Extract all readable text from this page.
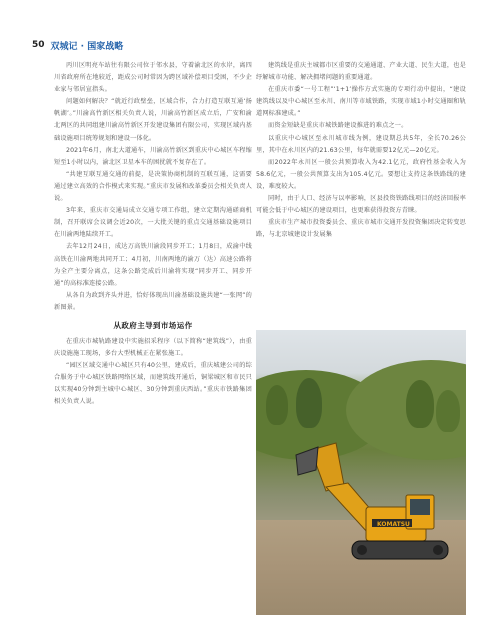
50 双城记 · 国家战略

丙川区明亮车站往有限公司位于邻水县，守着渝北区的水岸，离四川省政府所在地较近，距成公司时常因为跨区域补偿项目受困，不少企业家与邻居宣指头。

问题如何解决？“就近行政壁垒，区域合作，合力打造互联互通‘扬帆湖’。”川渝高竹新区相关负责人说，川渝高竹新区成立后，广安和渝北两区的共同组建川渝高竹新区开发建设集团有限公司，实现区域内基础设施项目统筹规划和建设一体化。

2021年6月，南北大道通车，川渝高竹新区到重庆中心城区车程缩短至1小时以内，渝北区卫星本车的困扰就不复存在了。

“共建互联互通交通的前提，是决策协商机制的互联互通，这需要通过建立高效的合作模式来实现。”重庆市发展和改革委员会相关负责人说。

3年来，重庆市交通局成立交通专项工作组，建立定期沟通磋商机制，召开联席会议调会近20次，一大批关键的重点交通基础设施项目在川渝两地陆续开工。

去年12月24日，成达万高铁川渝段同步开工；1月8日，成渝中线高铁在川渝两地共同开工；4月初，川南两地的渝万（达）高速公路将为全产主要分离点，这条公路完成后川渝将实现“同步开工、同步开通”的高标准连接公路。

从各自为政到齐头并进，恰好体现出川渝基础设施共建“一张网”的新图景。

从政府主导到市场运作

在重庆市城轨路建设中实施招采程序（以下简称“建筑线”），由重庆设施施工现场，多台大型机械正在紧张施工。

“园区区域交通中心城区只有40公里，建成后，重庆城建公司的综合服务于中心城区铁路网络区域，而建筑线开通后，铜梁城区和市民只以实现40分钟到主城中心城区、30分钟到重庆西站。”重庆市铁路集团相关负责人说。

建筑线是重庆主城都市区重要的交通通道、产业大道、民生大道，也是纾解城市功能、解决拥堵问题的重要通道。

在重庆市委“一号工程”‘1+1’操作方式实施的专项行动中提出，“建设建筑线以及中心城区至永川、南川等市域铁路，实现市域1小时交通圈和轨道网标准建成。”

而资金短缺是重庆市城铁路建设推进的难点之一。

以重庆中心城区至永川城市线为例，建设期总共5年，全长70.26公里，其中在永川区内的21.63公里，每年就需要12亿元—20亿元。

而2022年永川区一般公共预算收入为42.1亿元，政府性基金收入为58.6亿元，一般公共预算支出为105.4亿元。要想让支持这条铁路线的建设，难度较大。

同时，由于人口、经济与以率影响，区县投资铁路线项目的经济回报率可能会低于中心城区的建设项目，也更难获得投资方青睐。

重庆市生产城市投资委员会、重庆市城市交通开发投资集团决定转变思路，与北京城建设计发展集

KOMATSU
